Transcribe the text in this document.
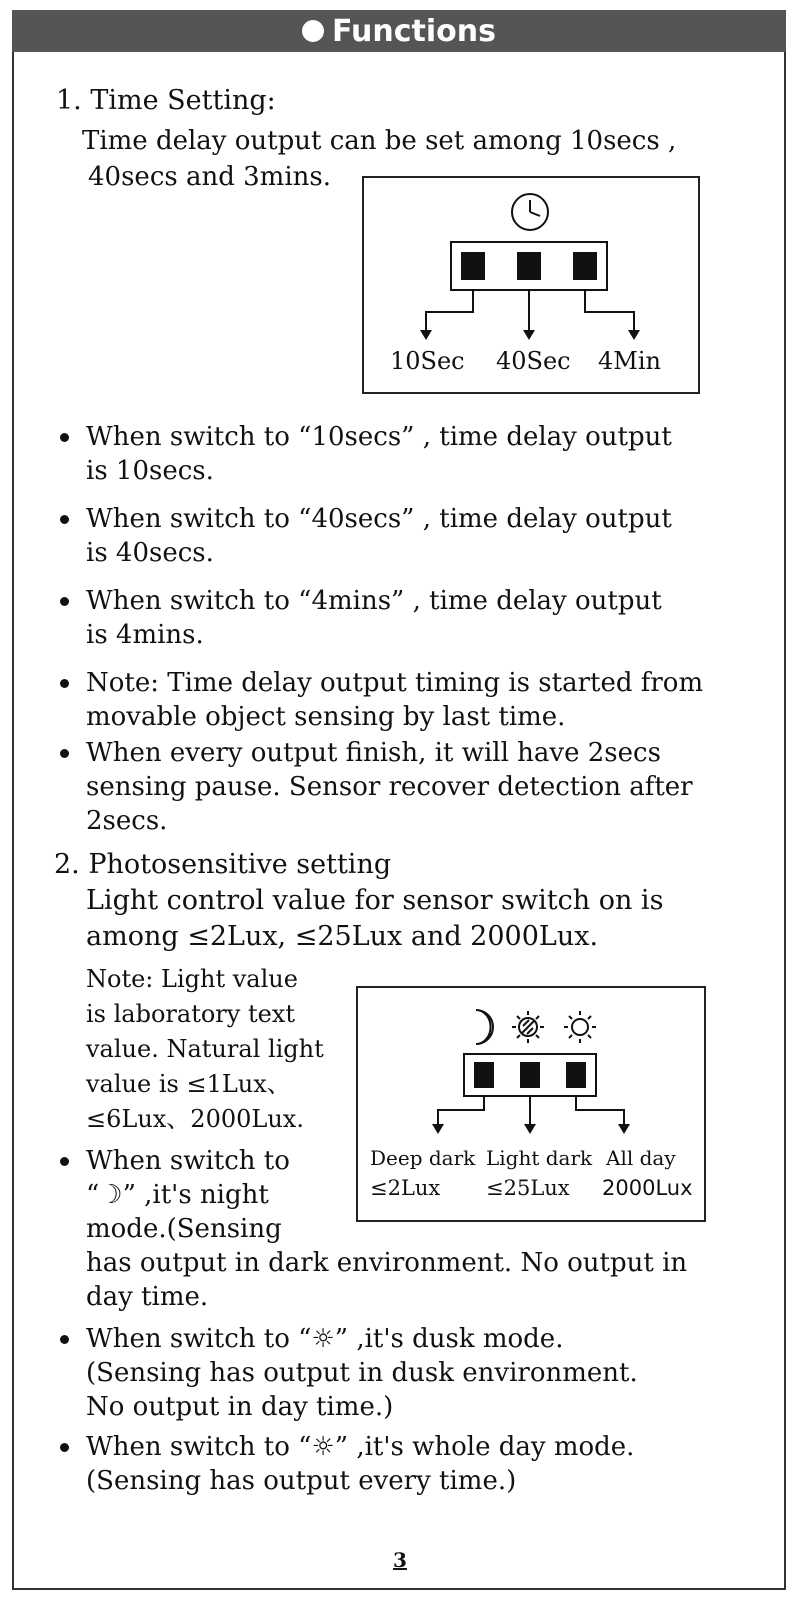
Functions
1. Time Setting:
Time delay output can be set among 10secs ,
40secs and 3mins.
10Sec 40Sec 4Min
When switch to “10secs” , time delay output
is 10secs.
When switch to “40secs” , time delay output
is 40secs.
When switch to “4mins” , time delay output
is 4mins.
Note: Time delay output timing is started from
movable object sensing by last time.
When every output finish, it will have 2secs
sensing pause. Sensor recover detection after
2secs.
2. Photosensitive setting
Light control value for sensor switch on is
among ≤2Lux, ≤25Lux and 2000Lux.
Note: Light value
is laboratory text
value. Natural light
value is ≤1Lux、
≤6Lux、2000Lux.
Deep dark Light dark All day
≤2Lux ≤25Lux 2000Lux
When switch to
“☽” ,it's night
mode.(Sensing
has output in dark environment. No output in
day time.
When switch to “☼” ,it's dusk mode.
(Sensing has output in dusk environment.
No output in day time.)
When switch to “☼” ,it's whole day mode.
(Sensing has output every time.)
3
